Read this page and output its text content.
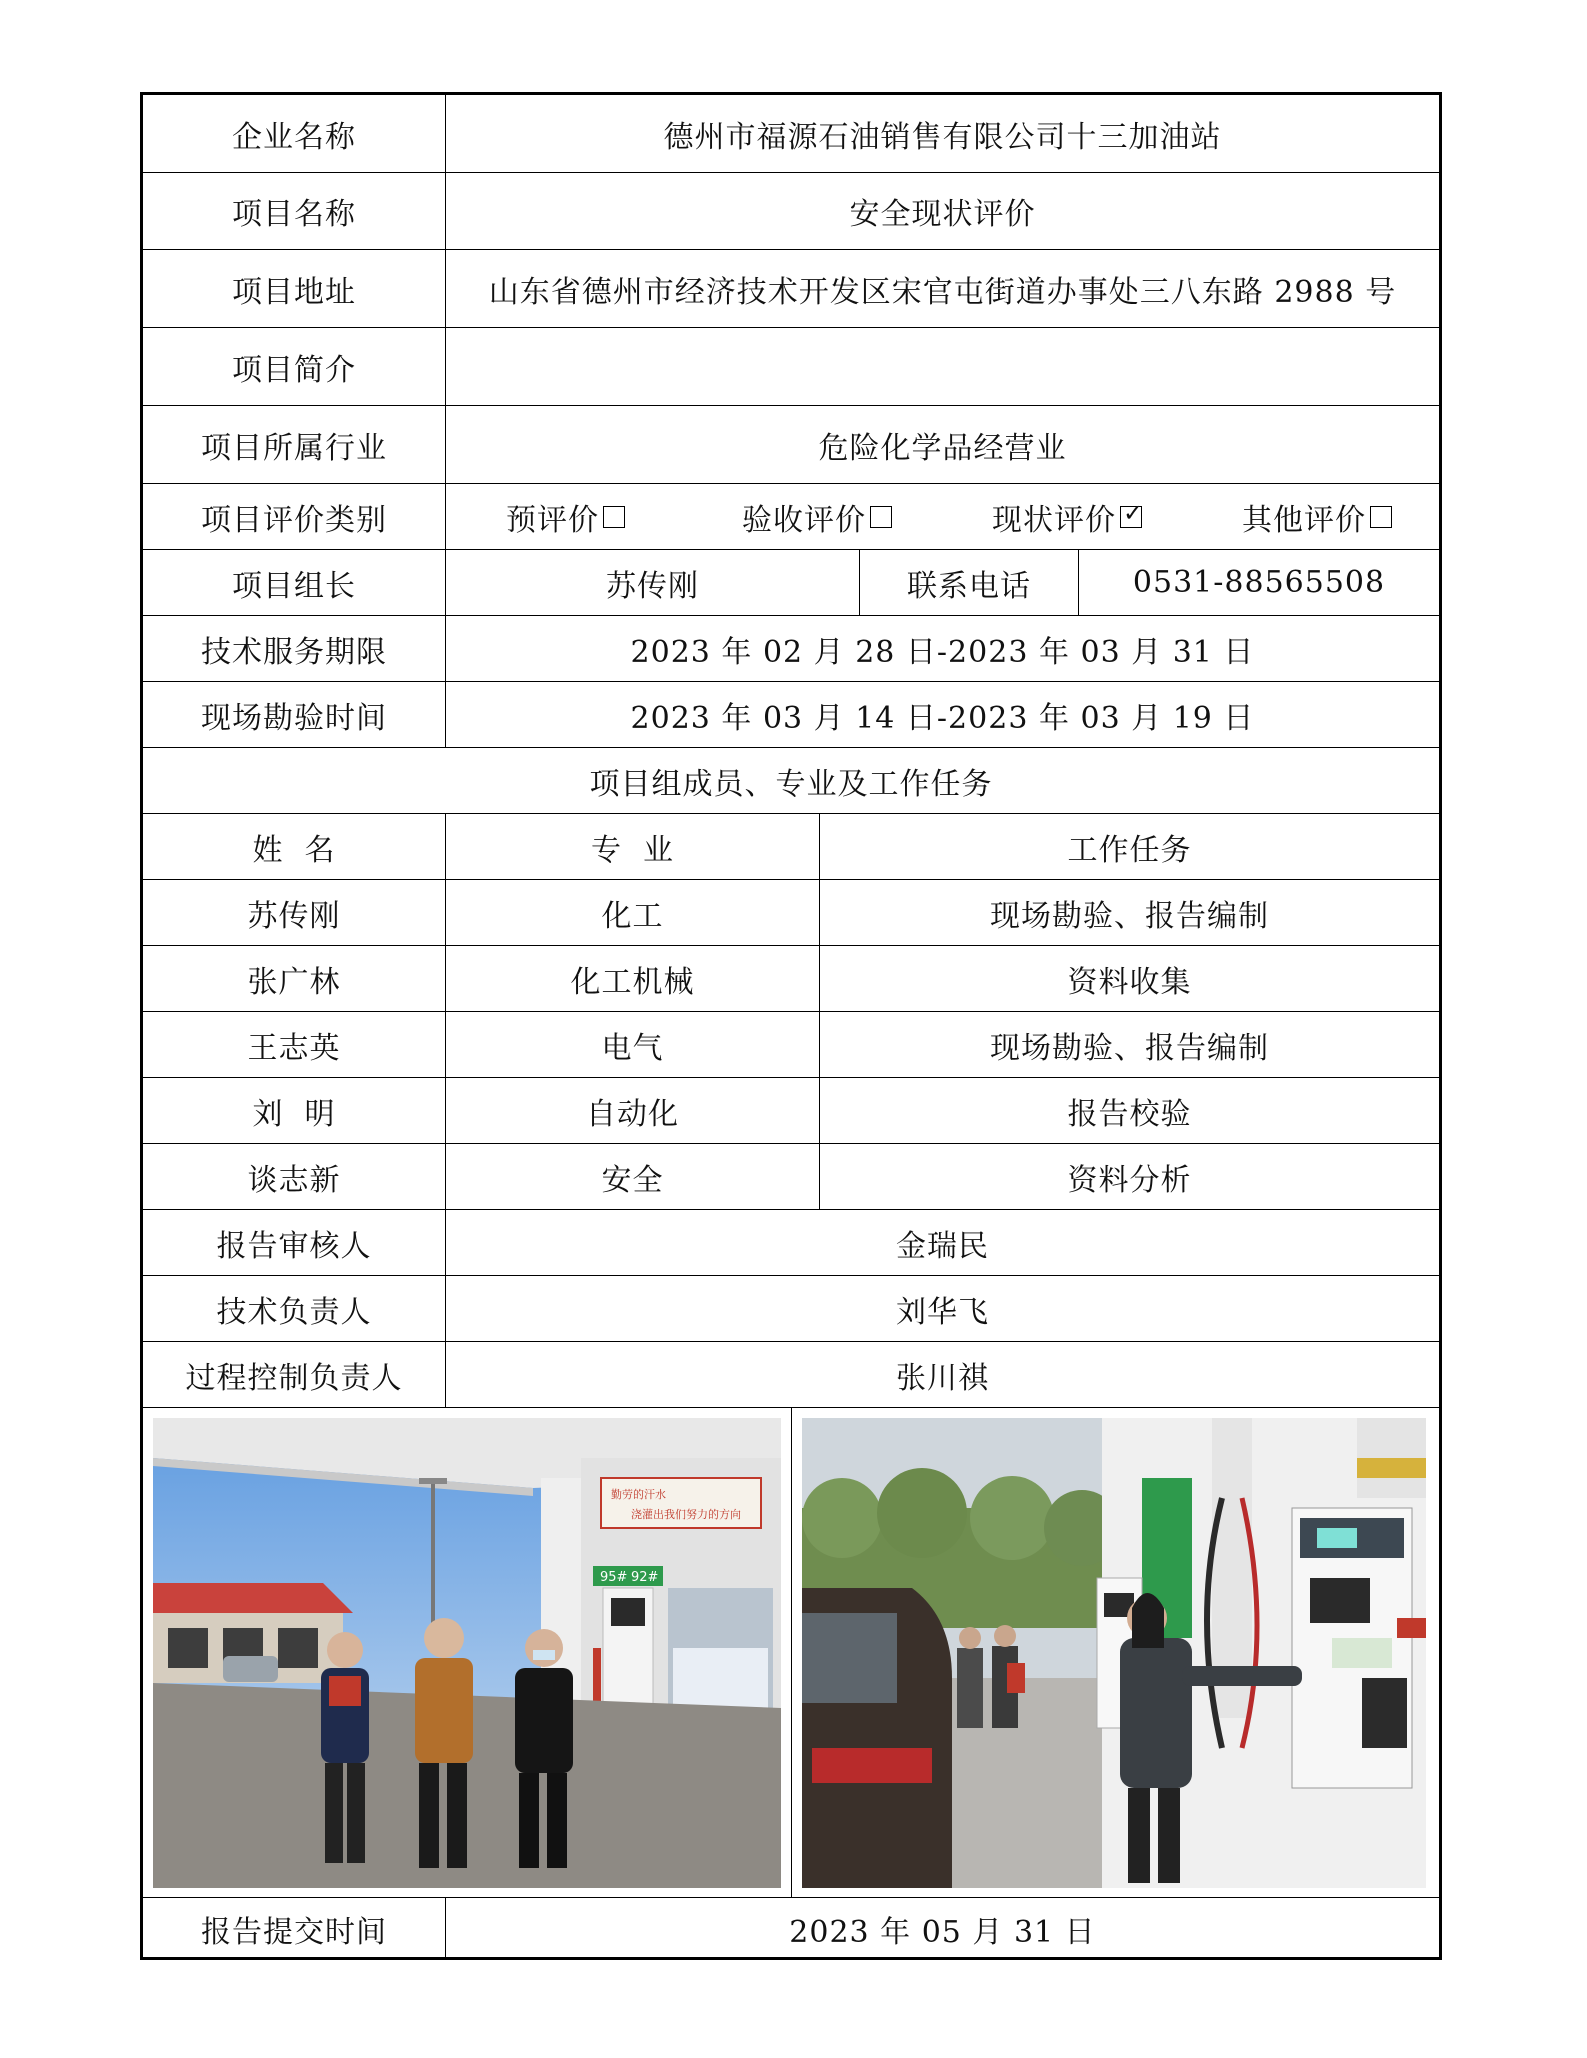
企业名称	德州市福源石油销售有限公司十三加油站
项目名称	安全现状评价
项目地址	山东省德州市经济技术开发区宋官屯街道办事处三八东路 2988 号
项目简介
项目所属行业	危险化学品经营业
项目评价类别	预评价	验收评价	现状评价
✓	其他评价
项目组长	苏传刚	联系电话	0531-88565508
技术服务期限	2023 年 02 月 28 日-2023 年 03 月 31 日
现场勘验时间	2023 年 03 月 14 日-2023 年 03 月 19 日
项目组成员、专业及工作任务
姓  名	专  业	工作任务
苏传刚	化工	现场勘验、报告编制
张广林	化工机械	资料收集
王志英	电气	现场勘验、报告编制
刘  明	自动化	报告校验
谈志新	安全	资料分析
报告审核人	金瑞民
技术负责人	刘华飞
过程控制负责人	张川祺
勤劳的汗水
浇灌出我们努力的方向
95# 92#
报告提交时间	2023 年 05 月 31 日
